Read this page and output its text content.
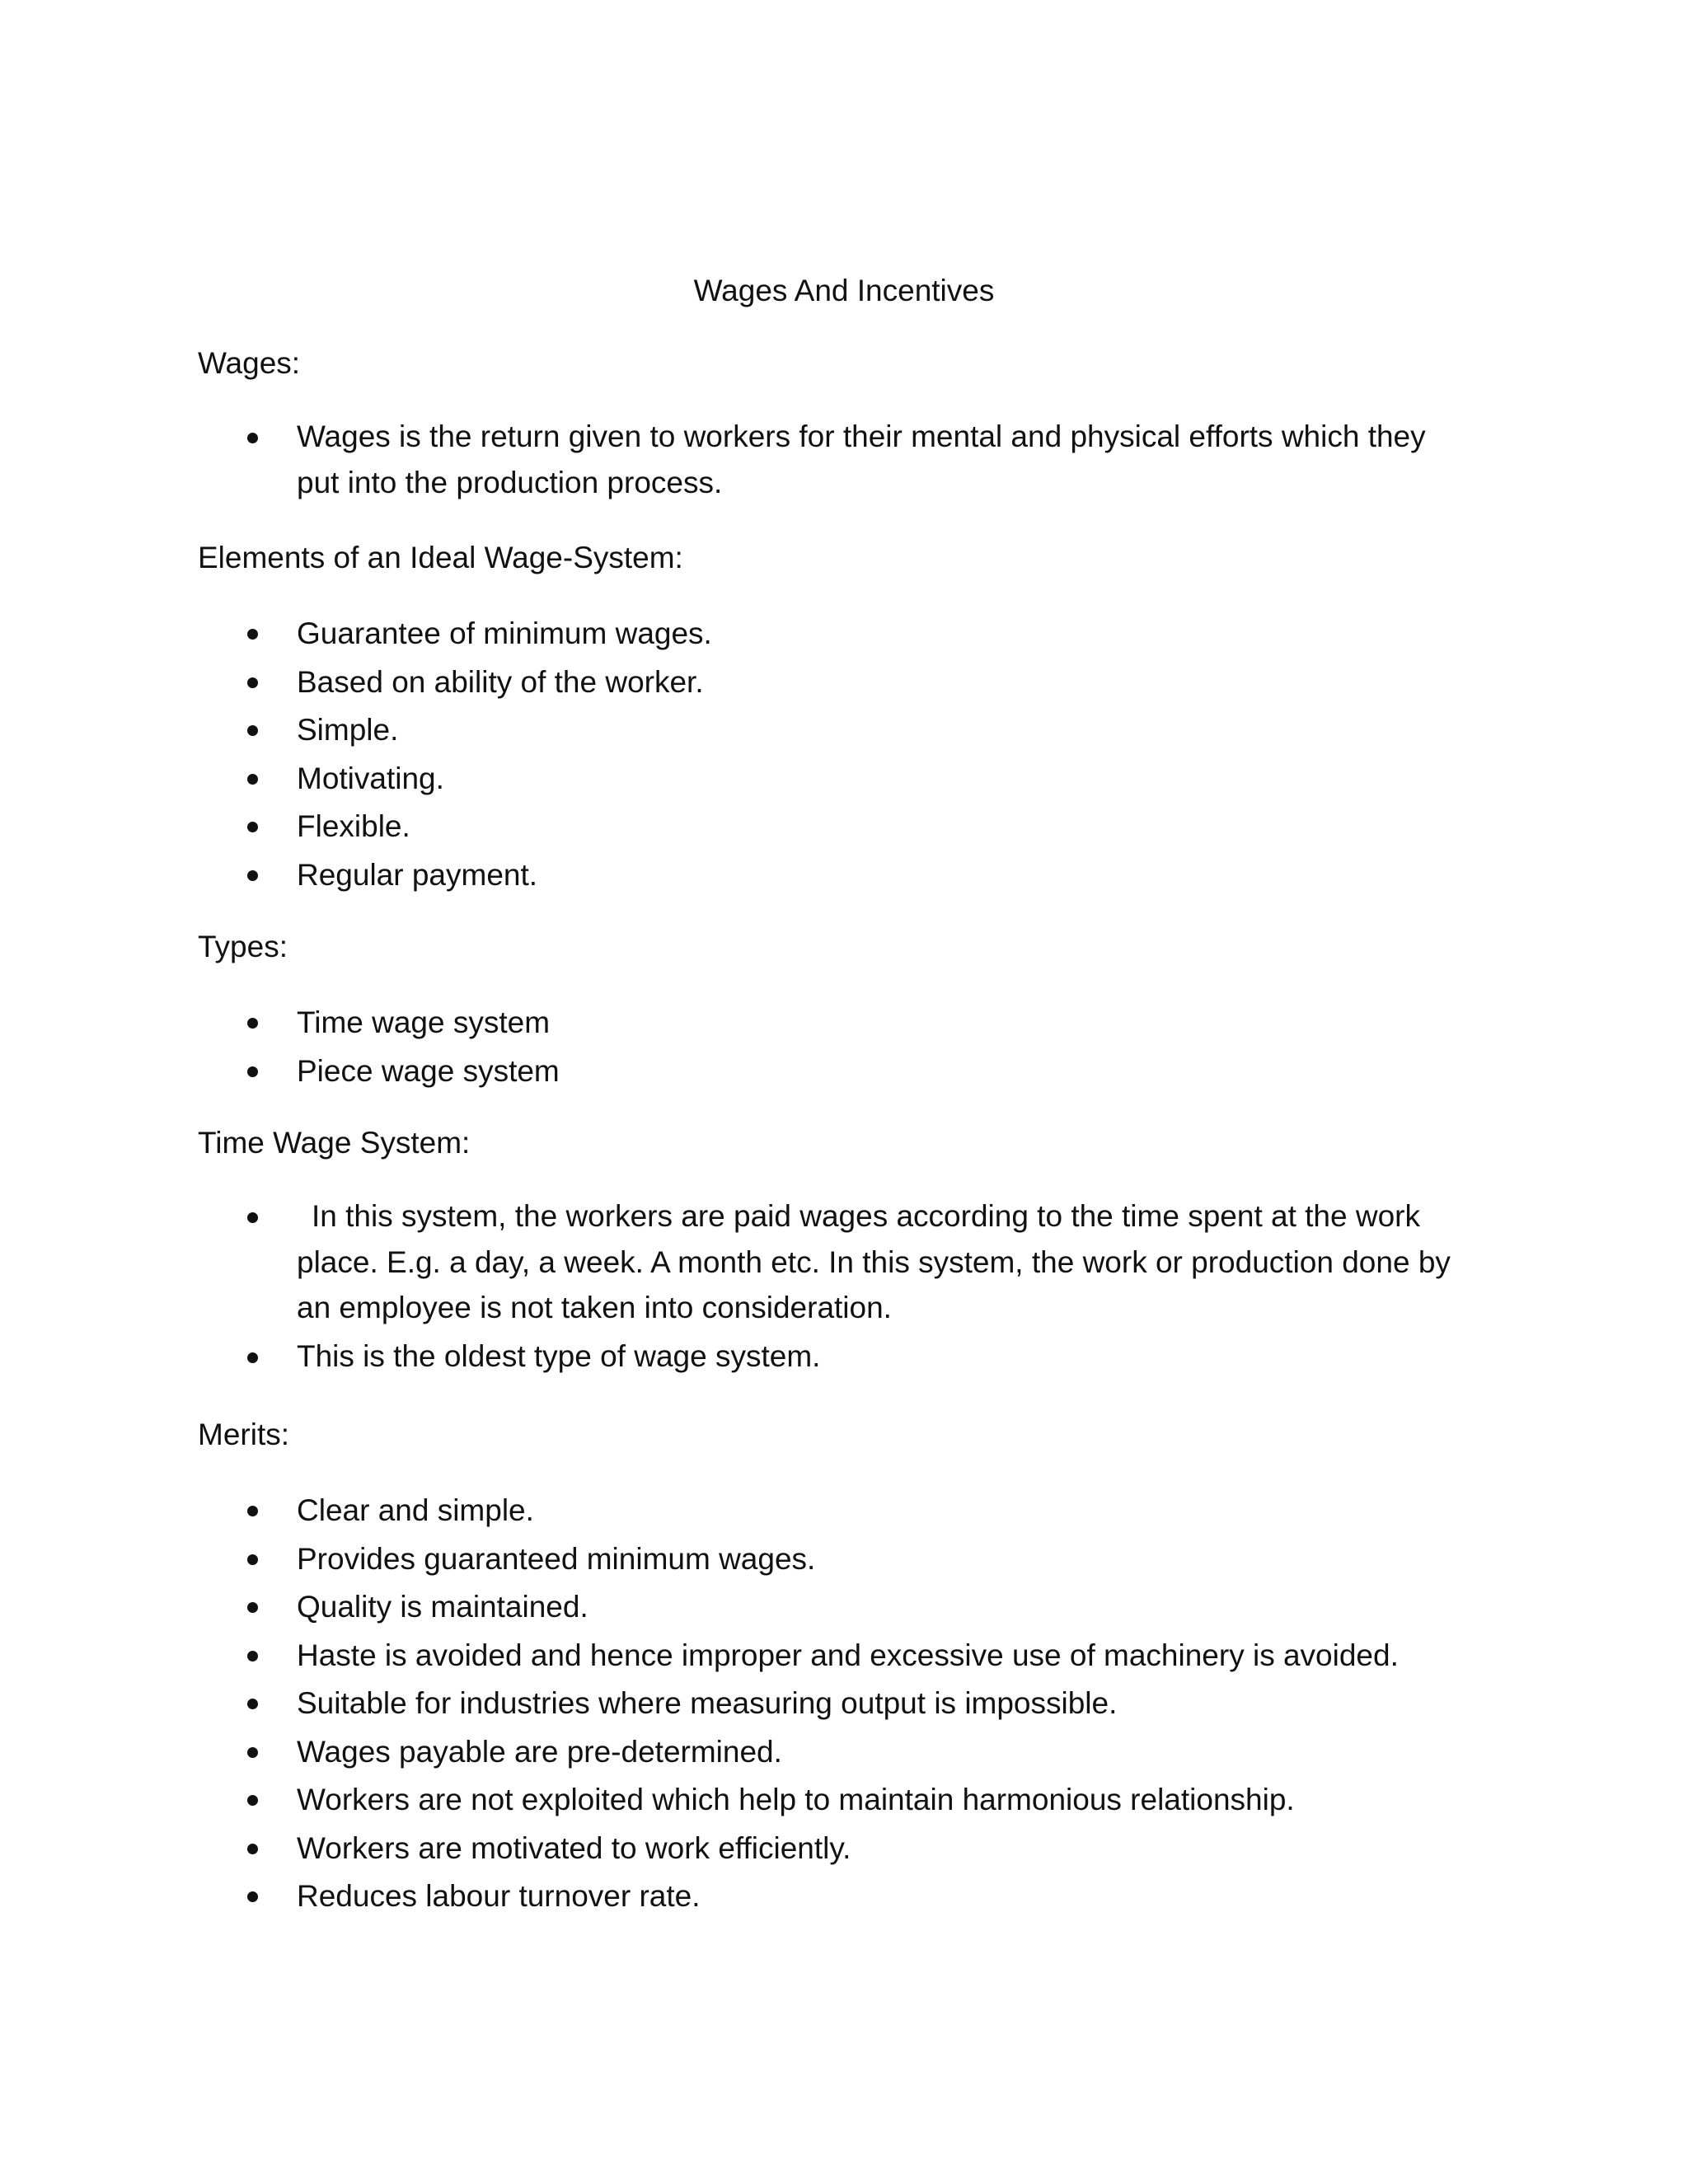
Wages And Incentives
Wages:
Wages is the return given to workers for their mental and physical efforts which they put into the production process.
Elements of an Ideal Wage-System:
Guarantee of minimum wages.
Based on ability of the worker.
Simple.
Motivating.
Flexible.
Regular payment.
Types:
Time wage system
Piece wage system
Time Wage System:
In this system, the workers are paid wages according to the time spent at the work place. E.g. a day, a week. A month etc. In this system, the work or production done by an employee is not taken into consideration.
This is the oldest type of wage system.
Merits:
Clear and simple.
Provides guaranteed minimum wages.
Quality is maintained.
Haste is avoided and hence improper and excessive use of machinery is avoided.
Suitable for industries where measuring output is impossible.
Wages payable are pre-determined.
Workers are not exploited which help to maintain harmonious relationship.
Workers are motivated to work efficiently.
Reduces labour turnover rate.
